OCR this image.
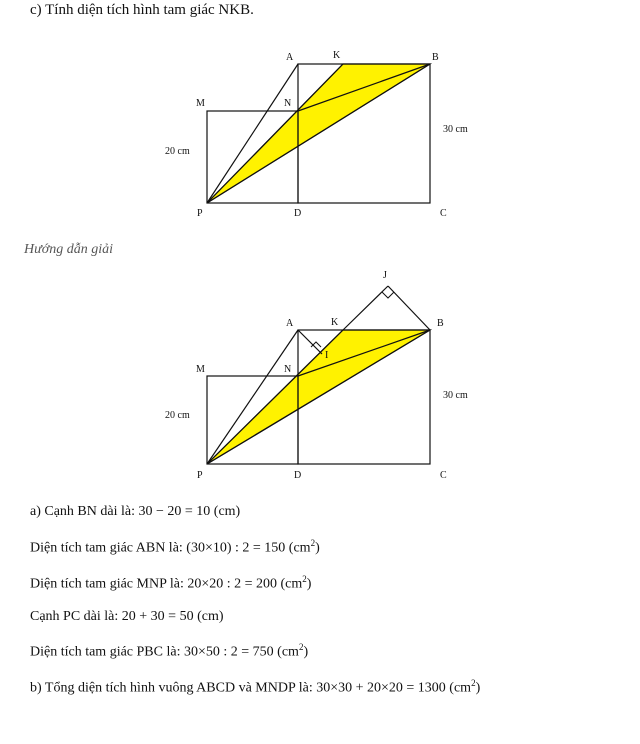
c) Tính diện tích hình tam giác NKB.
A	K	B
M	N
P	D	C
30 cm
20 cm
Hướng dẫn giải
J
A	K	B
I
M	N
P	D	C
30 cm
20 cm
a) Cạnh BN dài là: 30 − 20 = 10 (cm)
Diện tích tam giác ABN là: (30×10) : 2 = 150 $(cm^2)$
Diện tích tam giác MNP là: 20×20 : 2 = 200 $(cm^2)$
Cạnh PC dài là: 20 + 30 = 50 (cm)
Diện tích tam giác PBC là: 30×50 : 2 = 750 $(cm^2)$
b) Tổng diện tích hình vuông ABCD và MNDP là: 30×30 + 20×20 = 1300 $(cm^2)$
